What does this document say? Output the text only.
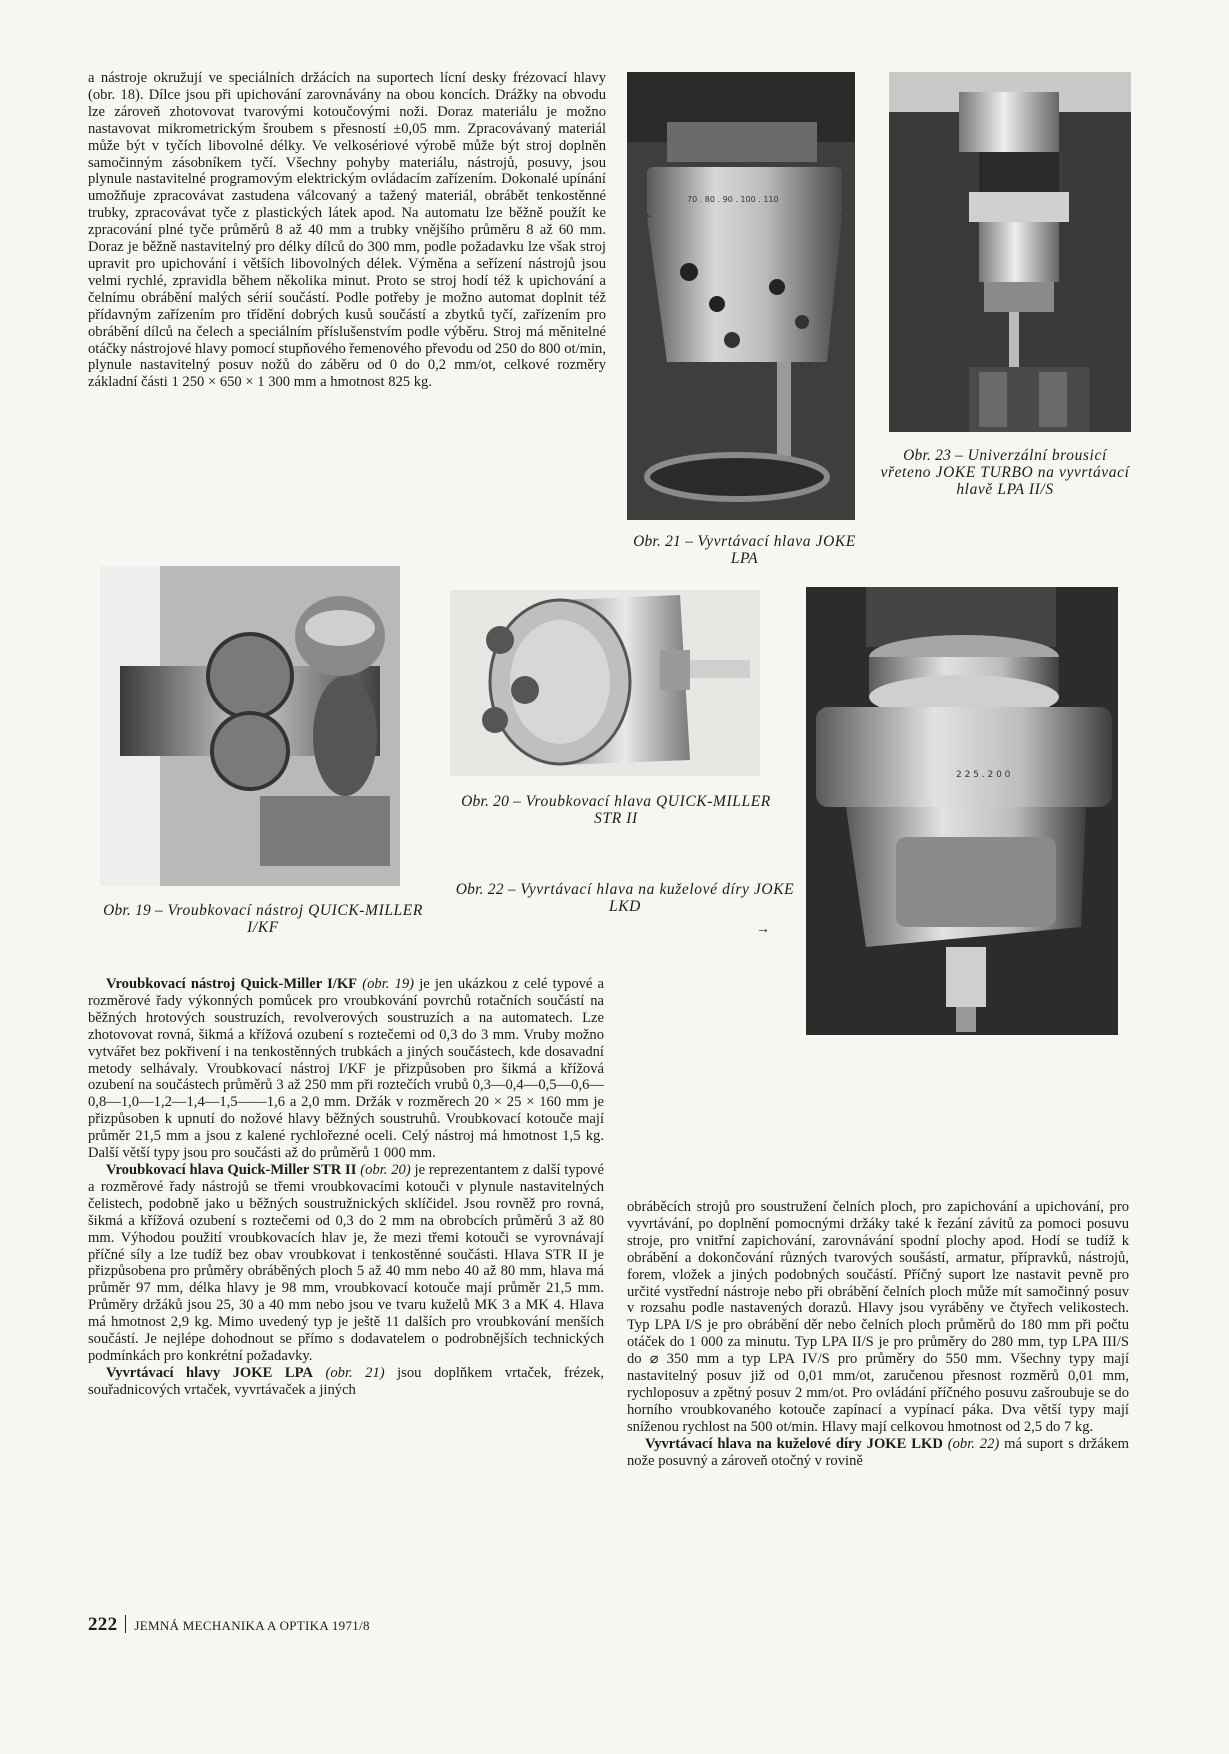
a nástroje okružují ve speciálních držácích na suportech lícní desky frézovací hlavy (obr. 18). Dílce jsou při upichování zarovnávány na obou koncích. Drážky na obvodu lze zároveň zhotovovat tvarovými kotoučovými noži. Doraz materiálu je možno nastavovat mikrometrickým šroubem s přesností ±0,05 mm. Zpracovávaný materiál může být v tyčích libovolné délky. Ve velkosériové výrobě může být stroj doplněn samočinným zásobníkem tyčí. Všechny pohyby materiálu, nástrojů, posuvy, jsou plynule nastavitelné programovým elektrickým ovládacím zařízením. Dokonalé upínání umožňuje zpracovávat zastudena válcovaný a tažený materiál, obrábět tenkostěnné trubky, zpracovávat tyče z plastických látek apod. Na automatu lze běžně použít ke zpracování plné tyče průměrů 8 až 40 mm a trubky vnějšího průměru 8 až 60 mm. Doraz je běžně nastavitelný pro délky dílců do 300 mm, podle požadavku lze však stroj upravit pro upichování i větších libovolných délek. Výměna a seřízení nástrojů jsou velmi rychlé, zpravidla během několika minut. Proto se stroj hodí též k upichování a čelnímu obrábění malých sérií součástí. Podle potřeby je možno automat doplnit též přídavným zařízením pro třídění dobrých kusů součástí a zbytků tyčí, zařízením pro obrábění dílců na čelech a speciálním příslušenstvím podle výběru. Stroj má měnitelné otáčky nástrojové hlavy pomocí stupňového řemenového převodu od 250 do 800 ot/min, plynule nastavitelný posuv nožů do záběru od 0 do 0,2 mm/ot, celkové rozměry základní části 1 250 × 650 × 1 300 mm a hmotnost 825 kg.

70 . 80 . 90 . 100 . 110
Obr. 21 – Vyvrtávací hlava JOKE LPA
Obr. 23 – Univerzální brousicí vřeteno JOKE TURBO na vyvrtávací hlavě LPA II/S
Obr. 20 – Vroubkovací hlava QUICK-MILLER STR II
Obr. 22 – Vyvrtávací hlava na kuželové díry JOKE LKD
Obr. 19 – Vroubkovací nástroj QUICK-MILLER I/KF	→
2 2 5 . 2 0 0

Vroubkovací nástroj Quick-Miller I/KF (obr. 19) je jen ukázkou z celé typové a rozměrové řady výkonných pomůcek pro vroubkování povrchů rotačních součástí na běžných hrotových soustruzích, revolverových soustruzích a na automatech. Lze zhotovovat rovná, šikmá a křížová ozubení s roztečemi od 0,3 do 3 mm. Vruby možno vytvářet bez pokřivení i na tenkostěnných trubkách a jiných součástech, kde dosavadní metody selhávaly. Vroubkovací nástroj I/KF je přizpůsoben pro šikmá a křížová ozubení na součástech průměrů 3 až 250 mm při roztečích vrubů 0,3—0,4—0,5—0,6—0,8—1,0—1,2—1,4—1,5——1,6 a 2,0 mm. Držák v rozměrech 20 × 25 × 160 mm je přizpůsoben k upnutí do nožové hlavy běžných soustruhů. Vroubkovací kotouče mají průměr 21,5 mm a jsou z kalené rychlořezné oceli. Celý nástroj má hmotnost 1,5 kg. Další větší typy jsou pro součásti až do průměrů 1 000 mm.

Vroubkovací hlava Quick-Miller STR II (obr. 20) je reprezentantem z další typové a rozměrové řady nástrojů se třemi vroubkovacími kotouči v plynule nastavitelných čelistech, podobně jako u běžných soustružnických sklíčidel. Jsou rovněž pro rovná, šikmá a křížová ozubení s roztečemi od 0,3 do 2 mm na obrobcích průměrů 3 až 80 mm. Výhodou použití vroubkovacích hlav je, že mezi třemi kotouči se vyrovnávají příčné síly a lze tudíž bez obav vroubkovat i tenkostěnné součásti. Hlava STR II je přizpůsobena pro průměry obráběných ploch 5 až 40 mm nebo 40 až 80 mm, hlava má průměr 97 mm, délka hlavy je 98 mm, vroubkovací kotouče mají průměr 21,5 mm. Průměry držáků jsou 25, 30 a 40 mm nebo jsou ve tvaru kuželů MK 3 a MK 4. Hlava má hmotnost 2,9 kg. Mimo uvedený typ je ještě 11 dalších pro vroubkování menších součástí. Je nejlépe dohodnout se přímo s dodavatelem o podrobnějších technických podmínkách pro konkrétní požadavky.

Vyvrtávací hlavy JOKE LPA (obr. 21) jsou doplňkem vrtaček, frézek, souřadnicových vrtaček, vyvrtávaček a jiných

obráběcích strojů pro soustružení čelních ploch, pro zapichování a upichování, pro vyvrtávání, po doplnění pomocnými držáky také k řezání závitů za pomoci posuvu stroje, pro vnitřní zapichování, zarovnávání spodní plochy apod. Hodí se tudíž k obrábění a dokončování různých tvarových soušástí, armatur, přípravků, nástrojů, forem, vložek a jiných podobných součástí. Příčný suport lze nastavit pevně pro určité vystřední nástroje nebo při obrábění čelních ploch může mít samočinný posuv v rozsahu podle nastavených dorazů. Hlavy jsou vyráběny ve čtyřech velikostech. Typ LPA I/S je pro obrábění děr nebo čelních ploch průměrů do 180 mm při počtu otáček do 1 000 za minutu. Typ LPA II/S je pro průměry do 280 mm, typ LPA III/S do ⌀ 350 mm a typ LPA IV/S pro průměry do 550 mm. Všechny typy mají nastavitelný posuv již od 0,01 mm/ot, zaručenou přesnost rozměrů 0,01 mm, rychloposuv a zpětný posuv 2 mm/ot. Pro ovládání příčného posuvu zašroubuje se do horního vroubkovaného kotouče zapínací a vypínací páka. Dva větší typy mají sníženou rychlost na 500 ot/min. Hlavy mají celkovou hmotnost od 2,5 do 7 kg.

Vyvrtávací hlava na kuželové díry JOKE LKD (obr. 22) má suport s držákem nože posuvný a zároveň otočný v rovině

222 JEMNÁ MECHANIKA A OPTIKA 1971/8
